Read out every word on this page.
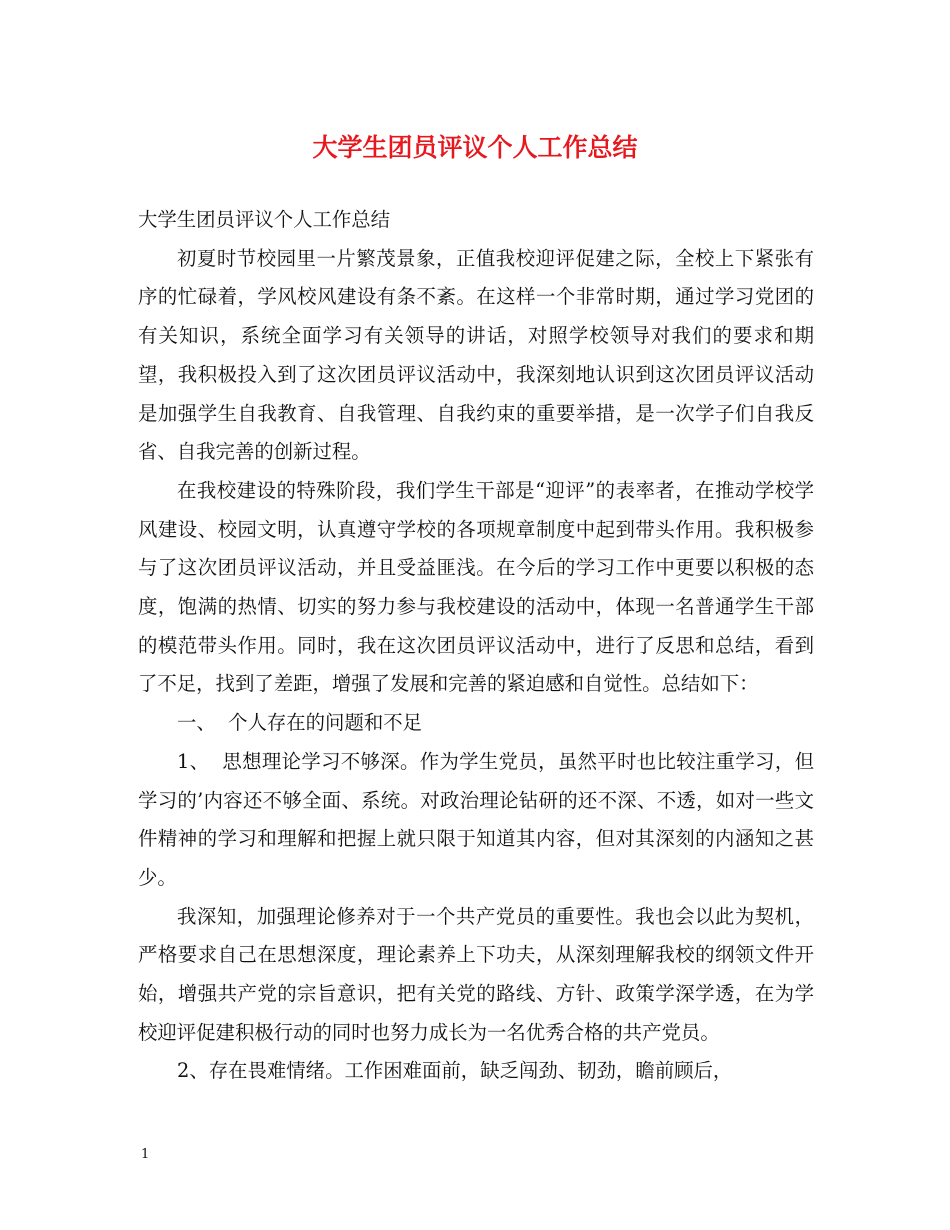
大学生团员评议个人工作总结

大学生团员评议个人工作总结

初夏时节校园里一片繁茂景象，正值我校迎评促建之际，全校上下紧张有序的忙碌着，学风校风建设有条不紊。在这样一个非常时期，通过学习党团的有关知识，系统全面学习有关领导的讲话，对照学校领导对我们的要求和期望，我积极投入到了这次团员评议活动中，我深刻地认识到这次团员评议活动是加强学生自我教育、自我管理、自我约束的重要举措，是一次学子们自我反省、自我完善的创新过程。

在我校建设的特殊阶段，我们学生干部是“迎评”的表率者，在推动学校学风建设、校园文明，认真遵守学校的各项规章制度中起到带头作用。我积极参与了这次团员评议活动，并且受益匪浅。在今后的学习工作中更要以积极的态度，饱满的热情、切实的努力参与我校建设的活动中，体现一名普通学生干部的模范带头作用。同时，我在这次团员评议活动中，进行了反思和总结，看到了不足，找到了差距，增强了发展和完善的紧迫感和自觉性。总结如下：

一、  个人存在的问题和不足

1、  思想理论学习不够深。作为学生党员，虽然平时也比较注重学习，但学习的’内容还不够全面、系统。对政治理论钻研的还不深、不透，如对一些文件精神的学习和理解和把握上就只限于知道其内容，但对其深刻的内涵知之甚少。

我深知，加强理论修养对于一个共产党员的重要性。我也会以此为契机，严格要求自己在思想深度，理论素养上下功夫，从深刻理解我校的纲领文件开始，增强共产党的宗旨意识，把有关党的路线、方针、政策学深学透，在为学校迎评促建积极行动的同时也努力成长为一名优秀合格的共产党员。

2、存在畏难情绪。工作困难面前，缺乏闯劲、韧劲，瞻前顾后，

1
